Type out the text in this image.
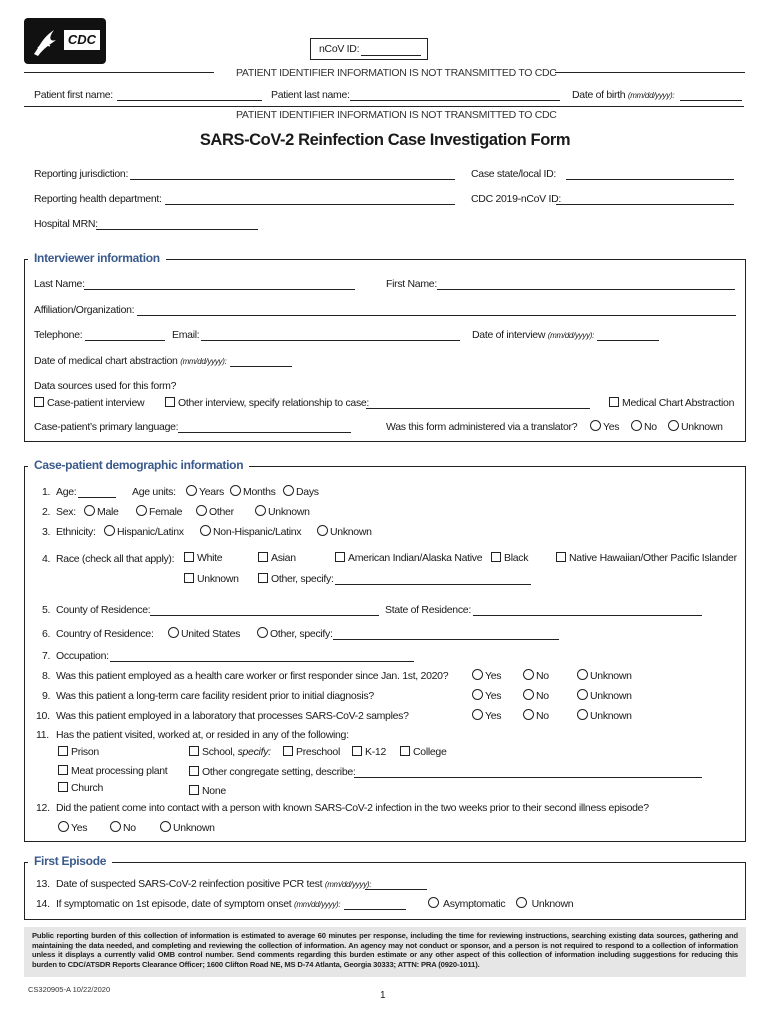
CDC
nCoV ID:
PATIENT IDENTIFIER INFORMATION IS NOT TRANSMITTED TO CDC
Patient first name:	Patient last name:	Date of birth (mm/dd/yyyy):
PATIENT IDENTIFIER INFORMATION IS NOT TRANSMITTED TO CDC
SARS-CoV-2 Reinfection Case Investigation Form
Reporting jurisdiction:	Case state/local ID:
Reporting health department:	CDC 2019-nCoV ID:
Hospital MRN:
Interviewer information
Last Name:	First Name:
Affiliation/Organization:
Telephone:	Email:	Date of interview (mm/dd/yyyy):
Date of medical chart abstraction (mm/dd/yyyy):
Data sources used for this form?
Case-patient interview	Other interview, specify relationship to case:	Medical Chart Abstraction
Case-patient’s primary language:	Was this form administered via a translator?	Yes	No	Unknown
Case-patient demographic information
1. Age:	Age units:	Years	Months	Days
2. Sex:	Male	Female	Other	Unknown
3. Ethnicity:	Hispanic/Latinx	Non-Hispanic/Latinx	Unknown
4. Race (check all that apply):	White	Asian	American Indian/Alaska Native	Black	Native Hawaiian/Other Pacific Islander
Unknown	Other, specify:
5. County of Residence:	State of Residence:
6. Country of Residence:	United States	Other, specify:
7. Occupation:
8. Was this patient employed as a health care worker or first responder since Jan. 1st, 2020?	Yes	No	Unknown
9. Was this patient a long-term care facility resident prior to initial diagnosis?	Yes	No	Unknown
10. Was this patient employed in a laboratory that processes SARS-CoV-2 samples?	Yes	No	Unknown
11. Has the patient visited, worked at, or resided in any of the following:
Prison	School, specify:	Preschool	K-12	College
Meat processing plant	Other congregate setting, describe:
Church	None
12. Did the patient come into contact with a person with known SARS-CoV-2 infection in the two weeks prior to their second illness episode?
Yes	No	Unknown
First Episode
13. Date of suspected SARS-CoV-2 reinfection positive PCR test (mm/dd/yyyy):
14. If symptomatic on 1st episode, date of symptom onset (mm/dd/yyyy):	Asymptomatic	Unknown
Public reporting burden of this collection of information is estimated to average 60 minutes per response, including the time for reviewing instructions, searching existing data sources, gathering and maintaining the data needed, and completing and reviewing the collection of information. An agency may not conduct or sponsor, and a person is not required to respond to a collection of information unless it displays a currently valid OMB control number. Send comments regarding this burden estimate or any other aspect of this collection of information including suggestions for reducing this burden to CDC/ATSDR Reports Clearance Officer; 1600 Clifton Road NE, MS D-74 Atlanta, Georgia 30333; ATTN: PRA (0920-1011).
CS320905-A 10/22/2020
1
